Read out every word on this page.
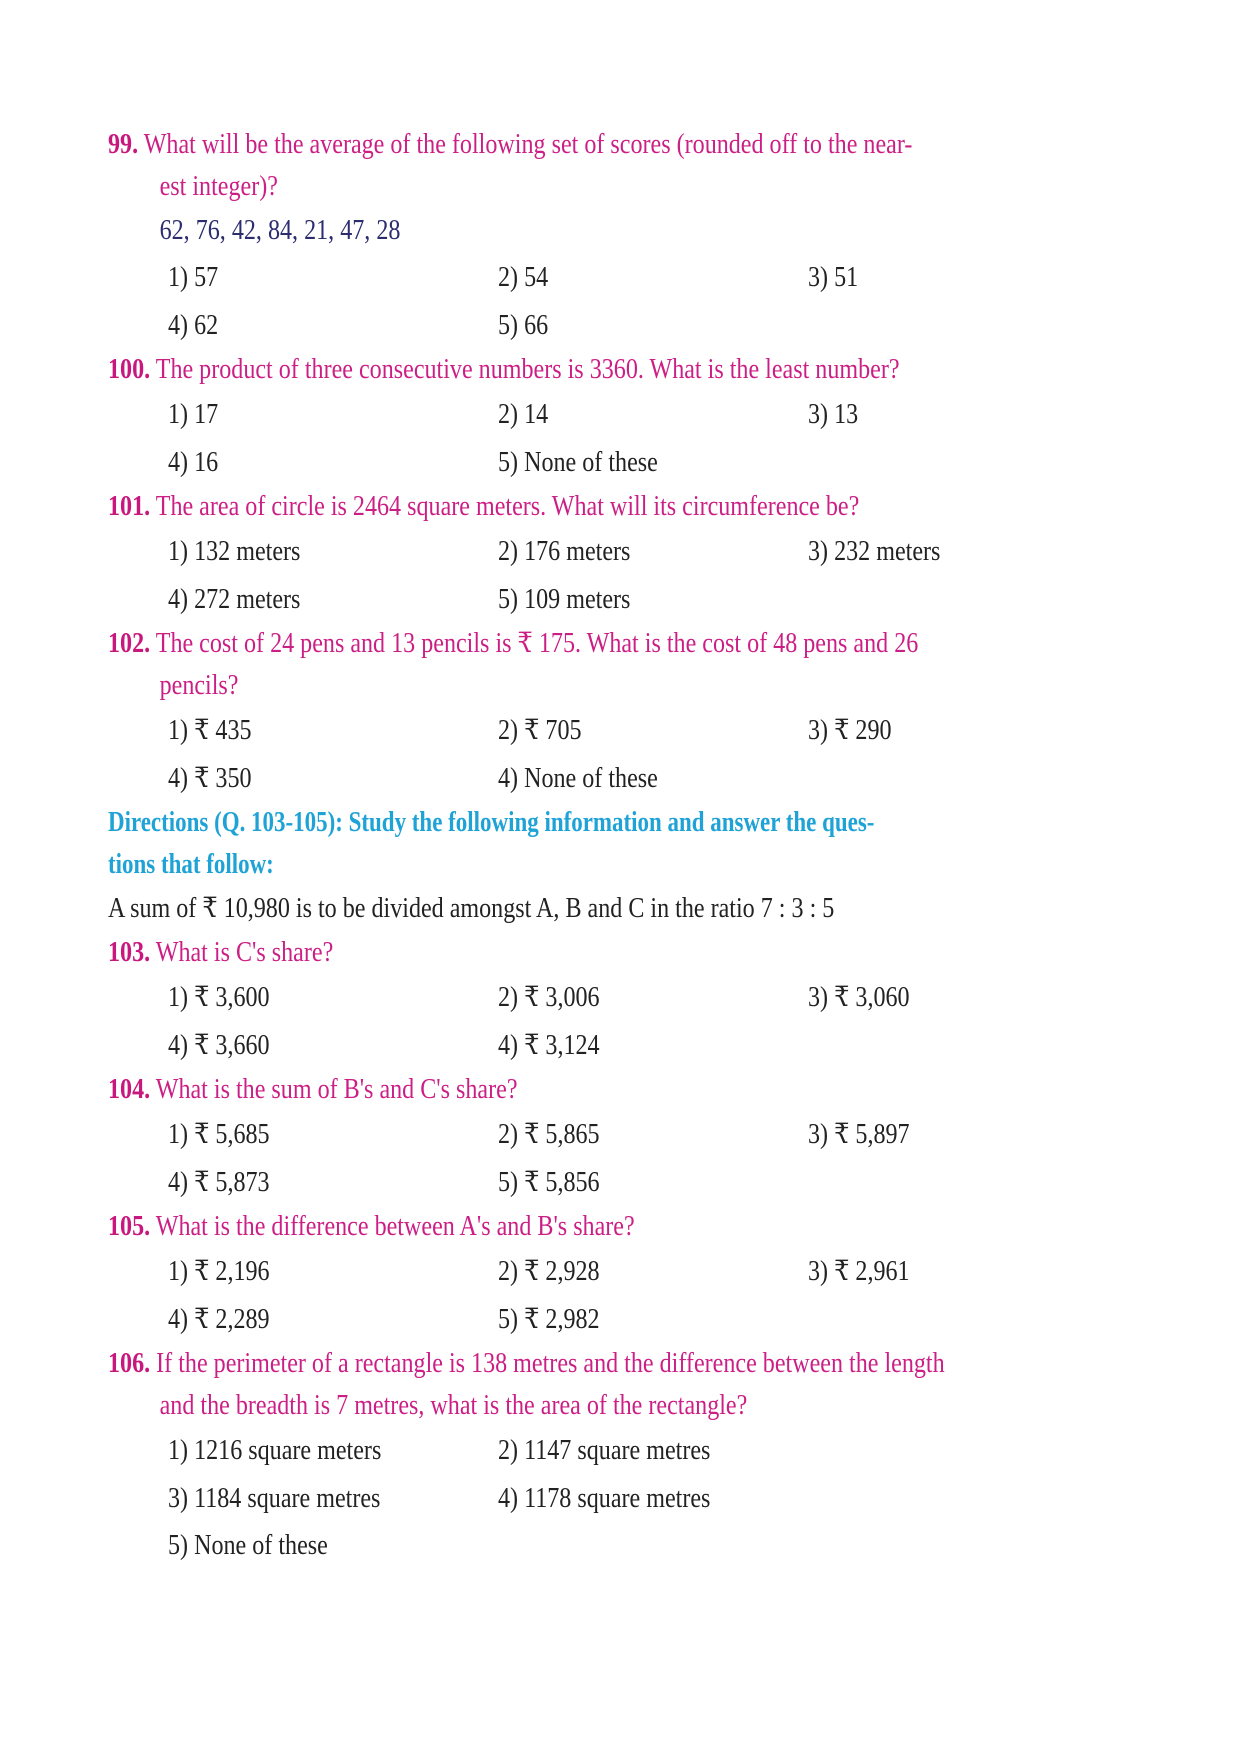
99. What will be the average of the following set of scores (rounded off to the near-
est integer)?
62, 76, 42, 84, 21, 47, 28
1) 57	2) 54	3) 51
4) 62	5) 66
100. The product of three consecutive numbers is 3360. What is the least number?
1) 17	2) 14	3) 13
4) 16	5) None of these
101. The area of circle is 2464 square meters. What will its circumference be?
1) 132 meters	2) 176 meters	3) 232 meters
4) 272 meters	5) 109 meters
102. The cost of 24 pens and 13 pencils is ₹ 175. What is the cost of 48 pens and 26
pencils?
1) ₹ 435	2) ₹ 705	3) ₹ 290
4) ₹ 350	4) None of these
Directions (Q. 103-105): Study the following information and answer the ques-
tions that follow:
A sum of ₹ 10,980 is to be divided amongst A, B and C in the ratio 7 : 3 : 5
103. What is C's share?
1) ₹ 3,600	2) ₹ 3,006	3) ₹ 3,060
4) ₹ 3,660	4) ₹ 3,124
104. What is the sum of B's and C's share?
1) ₹ 5,685	2) ₹ 5,865	3) ₹ 5,897
4) ₹ 5,873	5) ₹ 5,856
105. What is the difference between A's and B's share?
1) ₹ 2,196	2) ₹ 2,928	3) ₹ 2,961
4) ₹ 2,289	5) ₹ 2,982
106. If the perimeter of a rectangle is 138 metres and the difference between the length
and the breadth is 7 metres, what is the area of the rectangle?
1) 1216 square meters	2) 1147 square metres
3) 1184 square metres	4) 1178 square metres
5) None of these
